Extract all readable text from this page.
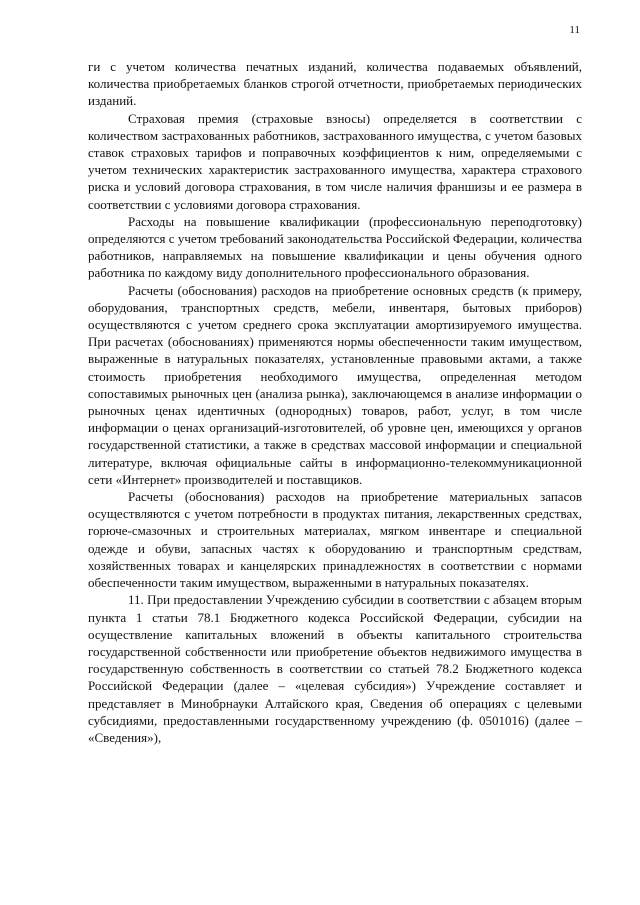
11

ги с учетом количества печатных изданий, количества подаваемых объявлений, количества приобретаемых бланков строгой отчетности, приобретаемых периодических изданий.

Страховая премия (страховые взносы) определяется в соответствии с количеством застрахованных работников, застрахованного имущества, с учетом базовых ставок страховых тарифов и поправочных коэффициентов к ним, определяемыми с учетом технических характеристик застрахованного имущества, характера страхового риска и условий договора страхования, в том числе наличия франшизы и ее размера в соответствии с условиями договора страхования.

Расходы на повышение квалификации (профессиональную переподготовку) определяются с учетом требований законодательства Российской Федерации, количества работников, направляемых на повышение квалификации и цены обучения одного работника по каждому виду дополнительного профессионального образования.

Расчеты (обоснования) расходов на приобретение основных средств (к примеру, оборудования, транспортных средств, мебели, инвентаря, бытовых приборов) осуществляются с учетом среднего срока эксплуатации амортизируемого имущества. При расчетах (обоснованиях) применяются нормы обеспеченности таким имуществом, выраженные в натуральных показателях, установленные правовыми актами, а также стоимость приобретения необходимого имущества, определенная методом сопоставимых рыночных цен (анализа рынка), заключающемся в анализе информации о рыночных ценах идентичных (однородных) товаров, работ, услуг, в том числе информации о ценах организаций-изготовителей, об уровне цен, имеющихся у органов государственной статистики, а также в средствах массовой информации и специальной литературе, включая официальные сайты в информационно-телекоммуникационной сети «Интернет» производителей и поставщиков.

Расчеты (обоснования) расходов на приобретение материальных запасов осуществляются с учетом потребности в продуктах питания, лекарственных средствах, горюче-смазочных и строительных материалах, мягком инвентаре и специальной одежде и обуви, запасных частях к оборудованию и транспортным средствам, хозяйственных товарах и канцелярских принадлежностях в соответствии с нормами обеспеченности таким имуществом, выраженными в натуральных показателях.

11. При предоставлении Учреждению субсидии в соответствии с абзацем вторым пункта 1 статьи 78.1 Бюджетного кодекса Российской Федерации, субсидии на осуществление капитальных вложений в объекты капитального строительства государственной собственности или приобретение объектов недвижимого имущества в государственную собственность в соответствии со статьей 78.2 Бюджетного кодекса Российской Федерации (далее – «целевая субсидия») Учреждение составляет и представляет в Минобрнауки Алтайского края, Сведения об операциях с целевыми субсидиями, предоставленными государственному учреждению (ф. 0501016) (далее – «Сведения»),
